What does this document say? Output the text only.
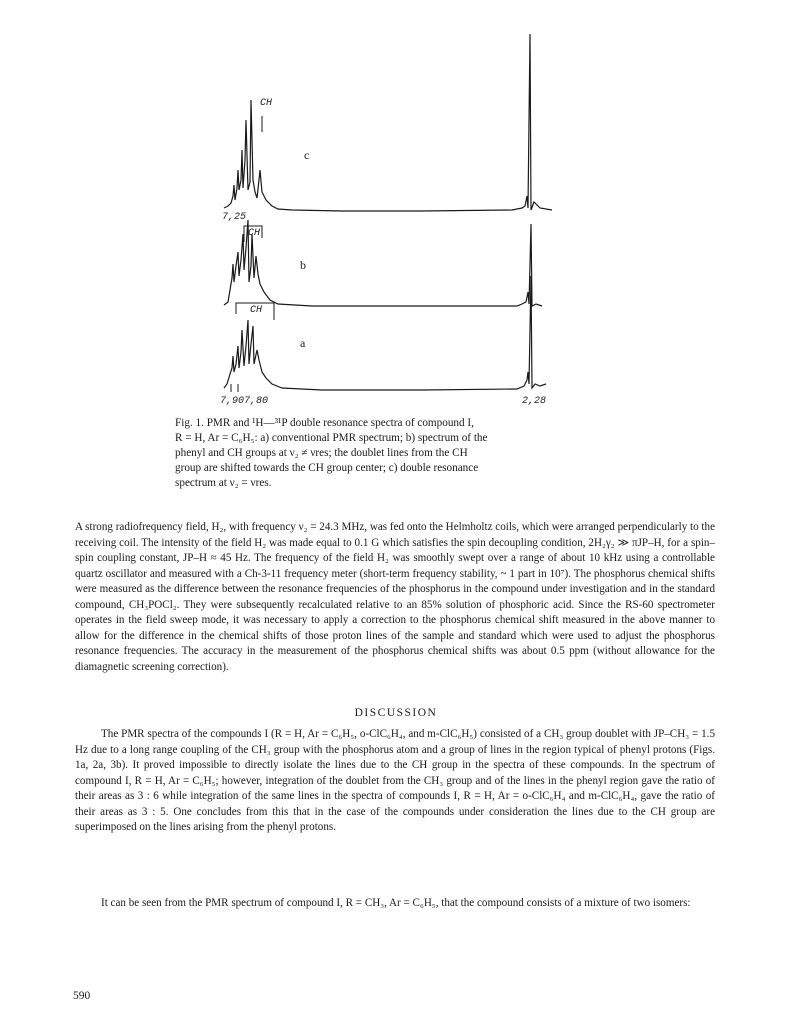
CH
7,25
CH
CH
7,90 7,80	2,28
c
b
a
Fig. 1. PMR and ¹H—³¹P double resonance spectra of compound I,
R = H, Ar = C₆H₅: a) conventional PMR spectrum; b) spectrum of the
phenyl and CH groups at ν₂ ≠ νres; the doublet lines from the CH
group are shifted towards the CH group center; c) double resonance
spectrum at ν₂ = νres.

A strong radiofrequency field, H₂, with frequency ν₂ = 24.3 MHz, was fed onto the Helmholtz coils, which were arranged perpendicularly to the receiving coil. The intensity of the field H₂ was made equal to 0.1 G which satisfies the spin decoupling condition, 2H₂γ₂ ≫ πJP–H, for a spin–spin coupling constant, JP–H ≈ 45 Hz. The frequency of the field H₂ was smoothly swept over a range of about 10 kHz using a controllable quartz oscillator and measured with a Ch-3-11 frequency meter (short-term frequency stability, ~ 1 part in 10⁷). The phosphorus chemical shifts were measured as the difference between the resonance frequencies of the phosphorus in the compound under investigation and in the standard compound, CH₃POCl₂. They were subsequently recalculated relative to an 85% solution of phosphoric acid. Since the RS-60 spectrometer operates in the field sweep mode, it was necessary to apply a correction to the phosphorus chemical shift measured in the above manner to allow for the difference in the chemical shifts of those proton lines of the sample and standard which were used to adjust the phosphorus resonance frequencies. The accuracy in the measurement of the phosphorus chemical shifts was about 0.5 ppm (without allowance for the diamagnetic screening correction).

DISCUSSION

The PMR spectra of the compounds I (R = H, Ar = C₆H₅, o-ClC₆H₄, and m-ClC₆H₅) consisted of a CH₃ group doublet with JP–CH₃ = 1.5 Hz due to a long range coupling of the CH₃ group with the phosphorus atom and a group of lines in the region typical of phenyl protons (Figs. 1a, 2a, 3b). It proved impossible to directly isolate the lines due to the CH group in the spectra of these compounds. In the spectrum of compound I, R = H, Ar = C₆H₅; however, integration of the doublet from the CH₃ group and of the lines in the phenyl region gave the ratio of their areas as 3 : 6 while integration of the same lines in the spectra of compounds I, R = H, Ar = o-ClC₆H₄ and m-ClC₆H₄, gave the ratio of their areas as 3 : 5. One concludes from this that in the case of the compounds under consideration the lines due to the CH group are superimposed on the lines arising from the phenyl protons.

It can be seen from the PMR spectrum of compound I, R = CH₃, Ar = C₆H₅, that the compound consists of a mixture of two isomers:

590
